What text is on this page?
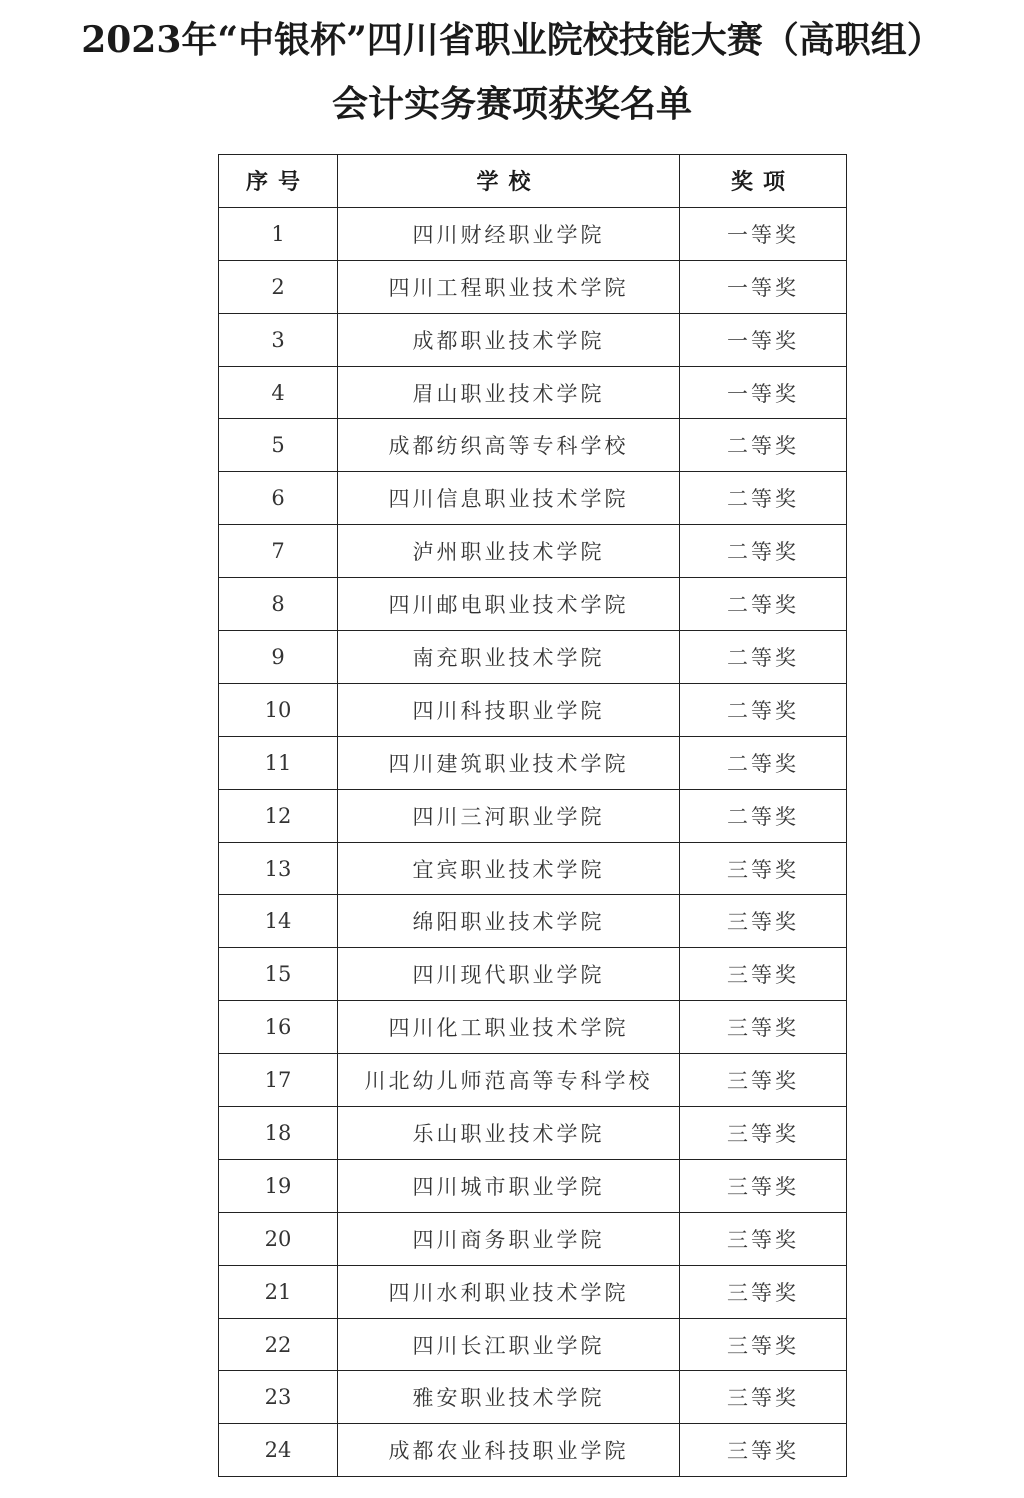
2023年“中银杯”四川省职业院校技能大赛（高职组）
会计实务赛项获奖名单
序号	学校	奖项
1	四川财经职业学院	一等奖
2	四川工程职业技术学院	一等奖
3	成都职业技术学院	一等奖
4	眉山职业技术学院	一等奖
5	成都纺织高等专科学校	二等奖
6	四川信息职业技术学院	二等奖
7	泸州职业技术学院	二等奖
8	四川邮电职业技术学院	二等奖
9	南充职业技术学院	二等奖
10	四川科技职业学院	二等奖
11	四川建筑职业技术学院	二等奖
12	四川三河职业学院	二等奖
13	宜宾职业技术学院	三等奖
14	绵阳职业技术学院	三等奖
15	四川现代职业学院	三等奖
16	四川化工职业技术学院	三等奖
17	川北幼儿师范高等专科学校	三等奖
18	乐山职业技术学院	三等奖
19	四川城市职业学院	三等奖
20	四川商务职业学院	三等奖
21	四川水利职业技术学院	三等奖
22	四川长江职业学院	三等奖
23	雅安职业技术学院	三等奖
24	成都农业科技职业学院	三等奖
